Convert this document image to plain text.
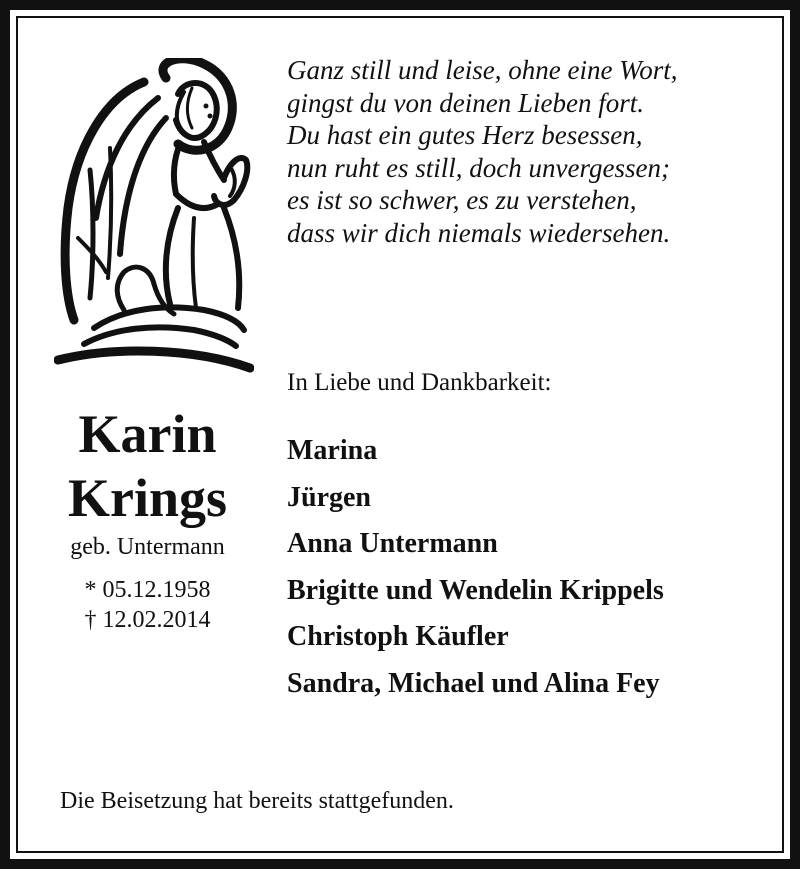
Ganz still und leise, ohne eine Wort,
gingst du von deinen Lieben fort.
Du hast ein gutes Herz besessen,
nun ruht es still, doch unvergessen;
es ist so schwer, es zu verstehen,
dass wir dich niemals wiedersehen.
Karin
Krings
geb. Untermann
* 05.12.1958
† 12.02.2014
In Liebe und Dankbarkeit:
Marina
Jürgen
Anna Untermann
Brigitte und Wendelin Krippels
Christoph Käufler
Sandra, Michael und Alina Fey
Die Beisetzung hat bereits stattgefunden.
